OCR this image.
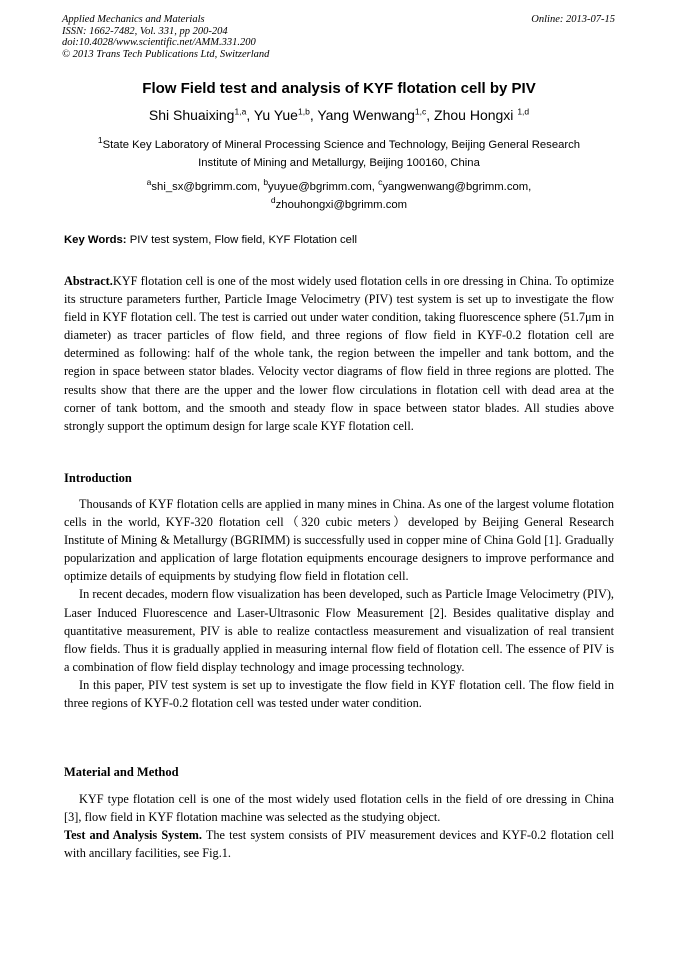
Applied Mechanics and Materials
ISSN: 1662-7482, Vol. 331, pp 200-204
doi:10.4028/www.scientific.net/AMM.331.200
© 2013 Trans Tech Publications Ltd, Switzerland
Online: 2013-07-15
Flow Field test and analysis of KYF flotation cell by PIV
Shi Shuaixing$^{1,a}$, Yu Yue$^{1,b}$, Yang Wenwang$^{1,c}$, Zhou Hongxi $^{1,d}$
$^1$State Key Laboratory of Mineral Processing Science and Technology, Beijing General Research
Institute of Mining and Metallurgy, Beijing 100160, China
$^a$shi_sx@bgrimm.com, $^b$yuyue@bgrimm.com, $^c$yangwenwang@bgrimm.com,
$^d$zhouhongxi@bgrimm.com
Key Words: PIV test system, Flow field, KYF Flotation cell

Abstract.KYF flotation cell is one of the most widely used flotation cells in ore dressing in China. To optimize its structure parameters further, Particle Image Velocimetry (PIV) test system is set up to investigate the flow field in KYF flotation cell. The test is carried out under water condition, taking fluorescence sphere (51.7μm in diameter) as tracer particles of flow field, and three regions of flow field in KYF-0.2 flotation cell are determined as following: half of the whole tank, the region between the impeller and tank bottom, and the region in space between stator blades. Velocity vector diagrams of flow field in three regions are plotted. The results show that there are the upper and the lower flow circulations in flotation cell with dead area at the corner of tank bottom, and the smooth and steady flow in space between stator blades. All studies above strongly support the optimum design for large scale KYF flotation cell.

Introduction

Thousands of KYF flotation cells are applied in many mines in China. As one of the largest volume flotation cells in the world, KYF-320 flotation cell（320 cubic meters）developed by Beijing General Research Institute of Mining & Metallurgy (BGRIMM) is successfully used in copper mine of China Gold [1]. Gradually popularization and application of large flotation equipments encourage designers to improve performance and optimize details of equipments by studying flow field in flotation cell.

In recent decades, modern flow visualization has been developed, such as Particle Image Velocimetry (PIV), Laser Induced Fluorescence and Laser-Ultrasonic Flow Measurement [2]. Besides qualitative display and quantitative measurement, PIV is able to realize contactless measurement and visualization of real transient flow fields. Thus it is gradually applied in measuring internal flow field of flotation cell. The essence of PIV is a combination of flow field display technology and image processing technology.

In this paper, PIV test system is set up to investigate the flow field in KYF flotation cell. The flow field in three regions of KYF-0.2 flotation cell was tested under water condition.

Material and Method

KYF type flotation cell is one of the most widely used flotation cells in the field of ore dressing in China [3], flow field in KYF flotation machine was selected as the studying object.

Test and Analysis System. The test system consists of PIV measurement devices and KYF-0.2 flotation cell with ancillary facilities, see Fig.1.
